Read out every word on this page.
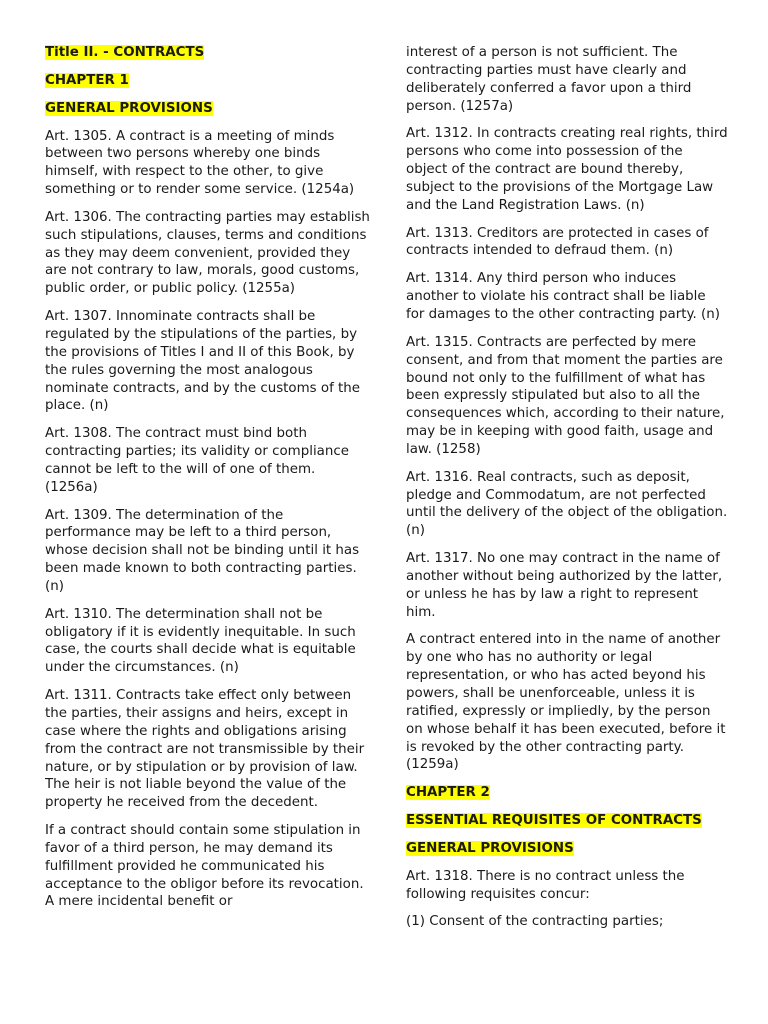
Title II. - CONTRACTS
CHAPTER 1
GENERAL PROVISIONS

Art. 1305. A contract is a meeting of minds between two persons whereby one binds himself, with respect to the other, to give something or to render some service. (1254a)

Art. 1306. The contracting parties may establish such stipulations, clauses, terms and conditions as they may deem convenient, provided they are not contrary to law, morals, good customs, public order, or public policy. (1255a)

Art. 1307. Innominate contracts shall be regulated by the stipulations of the parties, by the provisions of Titles I and II of this Book, by the rules governing the most analogous nominate contracts, and by the customs of the place. (n)

Art. 1308. The contract must bind both contracting parties; its validity or compliance cannot be left to the will of one of them. (1256a)

Art. 1309. The determination of the performance may be left to a third person, whose decision shall not be binding until it has been made known to both contracting parties. (n)

Art. 1310. The determination shall not be obligatory if it is evidently inequitable. In such case, the courts shall decide what is equitable under the circumstances. (n)

Art. 1311. Contracts take effect only between the parties, their assigns and heirs, except in case where the rights and obligations arising from the contract are not transmissible by their nature, or by stipulation or by provision of law. The heir is not liable beyond the value of the property he received from the decedent.

If a contract should contain some stipulation in favor of a third person, he may demand its fulfillment provided he communicated his acceptance to the obligor before its revocation. A mere incidental benefit or

interest of a person is not sufficient. The contracting parties must have clearly and deliberately conferred a favor upon a third person. (1257a)

Art. 1312. In contracts creating real rights, third persons who come into possession of the object of the contract are bound thereby, subject to the provisions of the Mortgage Law and the Land Registration Laws. (n)

Art. 1313. Creditors are protected in cases of contracts intended to defraud them. (n)

Art. 1314. Any third person who induces another to violate his contract shall be liable for damages to the other contracting party. (n)

Art. 1315. Contracts are perfected by mere consent, and from that moment the parties are bound not only to the fulfillment of what has been expressly stipulated but also to all the consequences which, according to their nature, may be in keeping with good faith, usage and law. (1258)

Art. 1316. Real contracts, such as deposit, pledge and Commodatum, are not perfected until the delivery of the object of the obligation. (n)

Art. 1317. No one may contract in the name of another without being authorized by the latter, or unless he has by law a right to represent him.

A contract entered into in the name of another by one who has no authority or legal representation, or who has acted beyond his powers, shall be unenforceable, unless it is ratified, expressly or impliedly, by the person on whose behalf it has been executed, before it is revoked by the other contracting party. (1259a)

CHAPTER 2
ESSENTIAL REQUISITES OF CONTRACTS
GENERAL PROVISIONS

Art. 1318. There is no contract unless the following requisites concur:

(1) Consent of the contracting parties;
